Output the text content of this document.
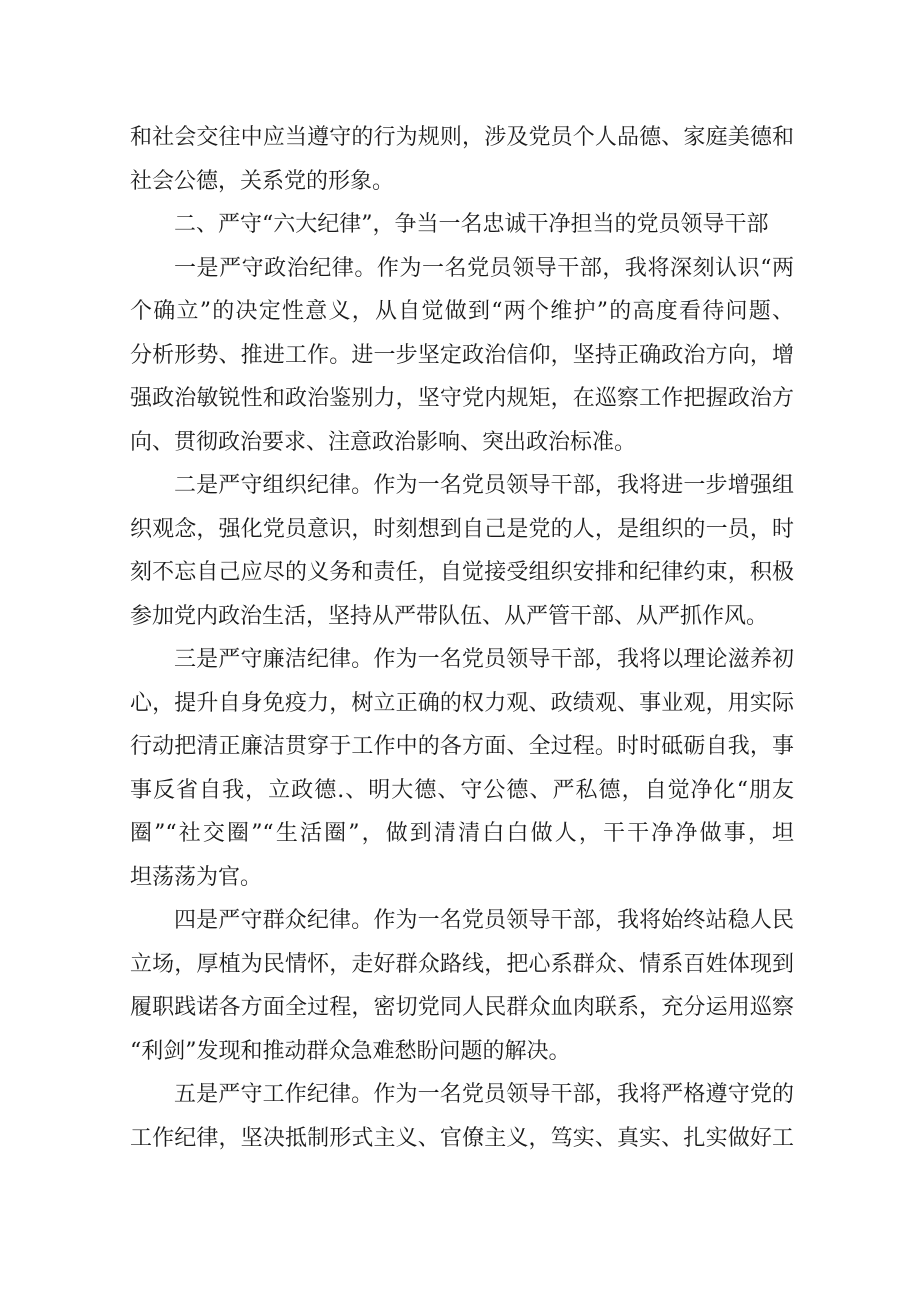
和社会交往中应当遵守的行为规则，涉及党员个人品德、家庭美德和
社会公德，关系党的形象。
二、严守“六大纪律”，争当一名忠诚干净担当的党员领导干部
一是严守政治纪律。作为一名党员领导干部，我将深刻认识“两
个确立”的决定性意义，从自觉做到“两个维护”的高度看待问题、
分析形势、推进工作。进一步坚定政治信仰，坚持正确政治方向，增
强政治敏锐性和政治鉴别力，坚守党内规矩，在巡察工作把握政治方
向、贯彻政治要求、注意政治影响、突出政治标准。
二是严守组织纪律。作为一名党员领导干部，我将进一步增强组
织观念，强化党员意识，时刻想到自己是党的人，是组织的一员，时
刻不忘自己应尽的义务和责任，自觉接受组织安排和纪律约束，积极
参加党内政治生活，坚持从严带队伍、从严管干部、从严抓作风。
三是严守廉洁纪律。作为一名党员领导干部，我将以理论滋养初
心，提升自身免疫力，树立正确的权力观、政绩观、事业观，用实际
行动把清正廉洁贯穿于工作中的各方面、全过程。时时砥砺自我，事
事反省自我，立政德.、明大德、守公德、严私德，自觉净化“朋友
圈”“社交圈”“生活圈”，做到清清白白做人，干干净净做事，坦
坦荡荡为官。
四是严守群众纪律。作为一名党员领导干部，我将始终站稳人民
立场，厚植为民情怀，走好群众路线，把心系群众、情系百姓体现到
履职践诺各方面全过程，密切党同人民群众血肉联系，充分运用巡察
“利剑”发现和推动群众急难愁盼问题的解决。
五是严守工作纪律。作为一名党员领导干部，我将严格遵守党的
工作纪律，坚决抵制形式主义、官僚主义，笃实、真实、扎实做好工
